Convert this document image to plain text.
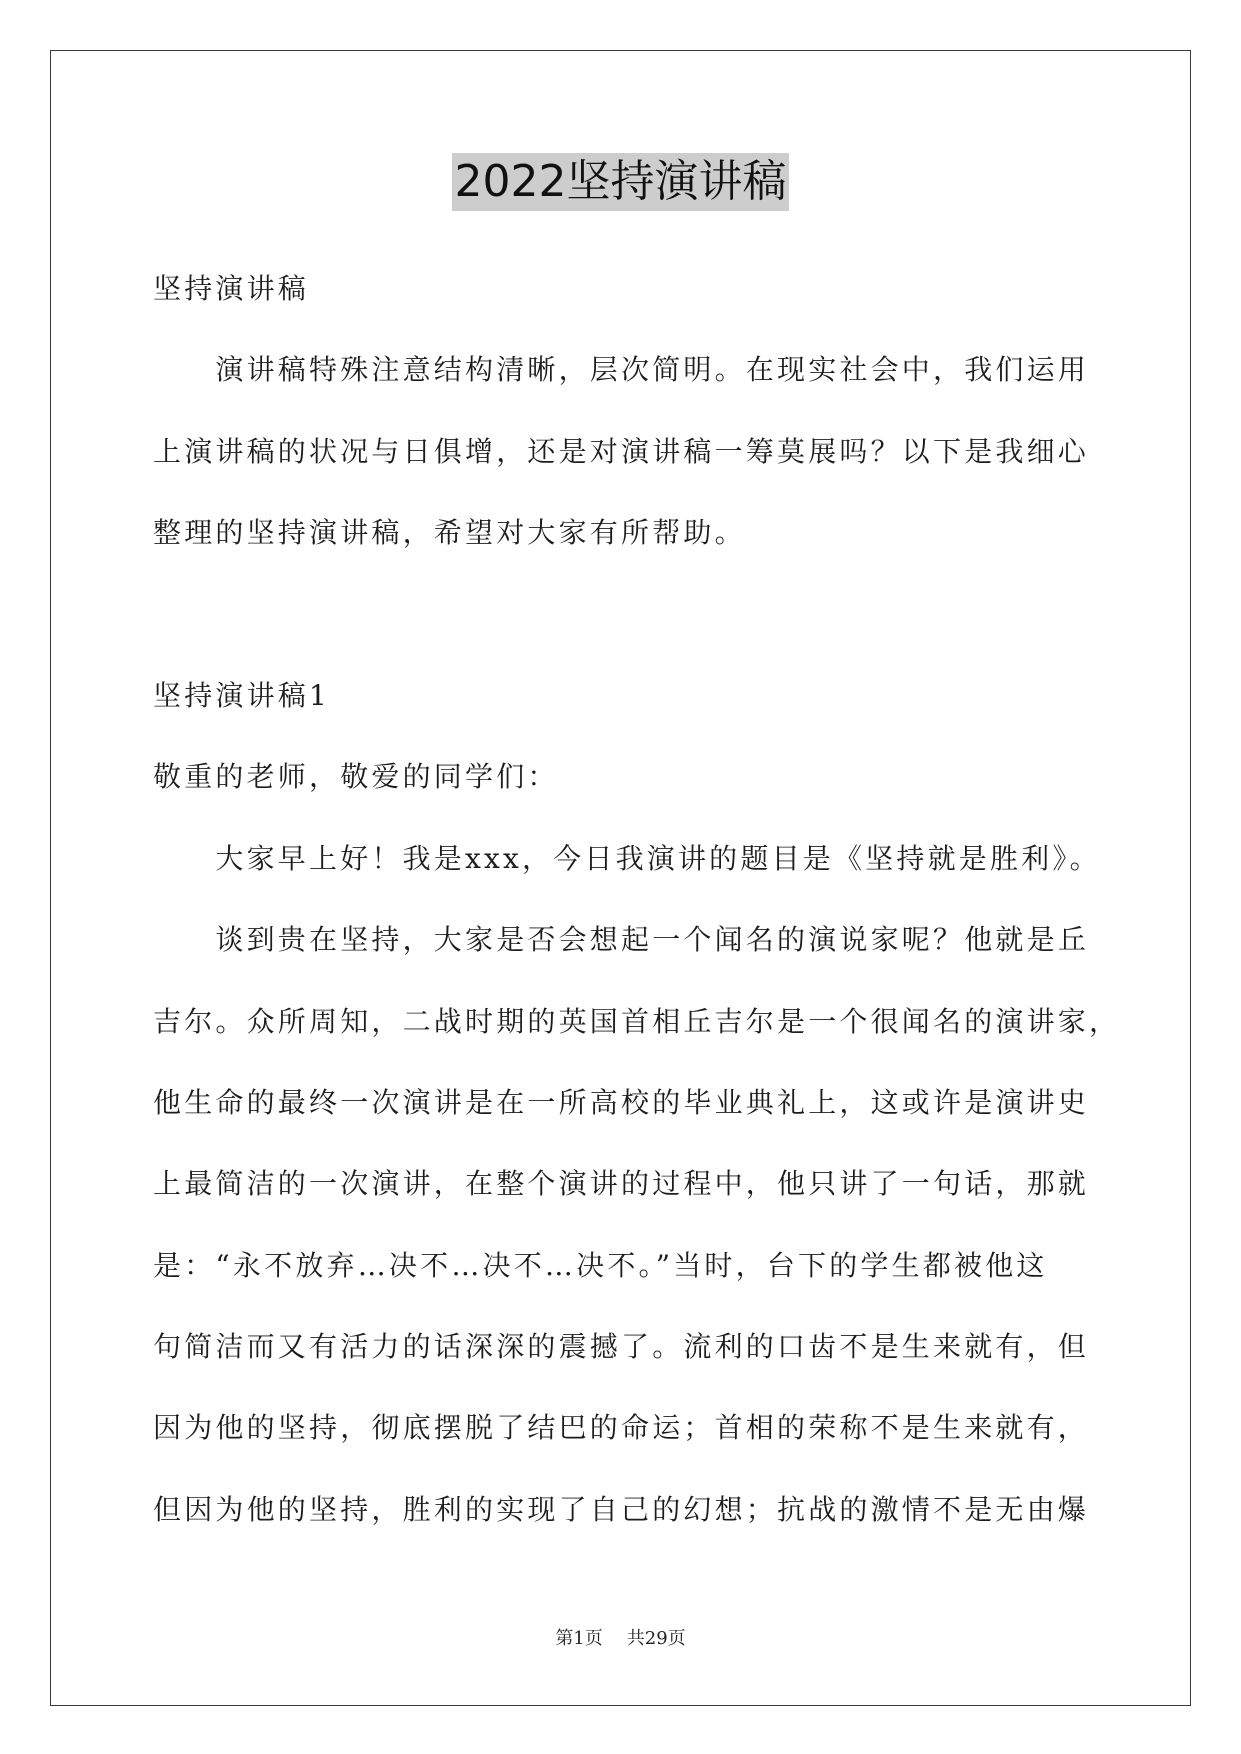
2022坚持演讲稿
坚持演讲稿
演讲稿特殊注意结构清晰，层次简明。在现实社会中，我们运用
上演讲稿的状况与日俱增，还是对演讲稿一筹莫展吗？以下是我细心
整理的坚持演讲稿，希望对大家有所帮助。
坚持演讲稿1
敬重的老师，敬爱的同学们：
大家早上好！我是xxx，今日我演讲的题目是《坚持就是胜利》。
谈到贵在坚持，大家是否会想起一个闻名的演说家呢？他就是丘
吉尔。众所周知，二战时期的英国首相丘吉尔是一个很闻名的演讲家，
他生命的最终一次演讲是在一所高校的毕业典礼上，这或许是演讲史
上最简洁的一次演讲，在整个演讲的过程中，他只讲了一句话，那就
是：“永不放弃…决不…决不…决不。”当时，台下的学生都被他这
句简洁而又有活力的话深深的震撼了。流利的口齿不是生来就有，但
因为他的坚持，彻底摆脱了结巴的命运；首相的荣称不是生来就有，
但因为他的坚持，胜利的实现了自己的幻想；抗战的激情不是无由爆
第1页 共29页
